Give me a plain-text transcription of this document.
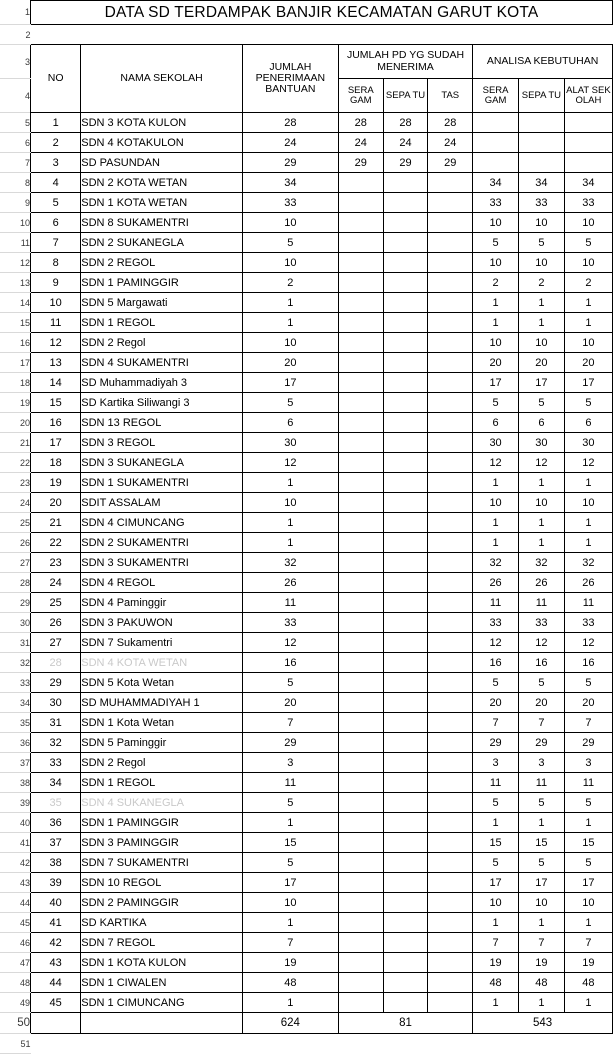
1	DATA SD TERDAMPAK BANJIR KECAMATAN GARUT KOTA								
2									
3	NO	NAMA SEKOLAH	JUMLAH PENERIMAAN BANTUAN	JUMLAH PD YG SUDAH MENERIMA			ANALISA KEBUTUHAN		
4				SERA GAM	SEPA TU	TAS	SERA GAM	SEPA TU	ALAT SEK OLAH
5	1	SDN 3 KOTA KULON	28	28	28	28			
6	2	SDN 4 KOTAKULON	24	24	24	24			
7	3	SD PASUNDAN	29	29	29	29			
8	4	SDN 2 KOTA WETAN	34				34	34	34
9	5	SDN 1 KOTA WETAN	33				33	33	33
10	6	SDN 8 SUKAMENTRI	10				10	10	10
11	7	SDN 2 SUKANEGLA	5				5	5	5
12	8	SDN 2 REGOL	10				10	10	10
13	9	SDN 1 PAMINGGIR	2				2	2	2
14	10	SDN 5 Margawati	1				1	1	1
15	11	SDN 1 REGOL	1				1	1	1
16	12	SDN 2 Regol	10				10	10	10
17	13	SDN 4 SUKAMENTRI	20				20	20	20
18	14	SD Muhammadiyah 3	17				17	17	17
19	15	SD Kartika Siliwangi 3	5				5	5	5
20	16	SDN 13 REGOL	6				6	6	6
21	17	SDN 3 REGOL	30				30	30	30
22	18	SDN 3 SUKANEGLA	12				12	12	12
23	19	SDN 1 SUKAMENTRI	1				1	1	1
24	20	SDIT ASSALAM	10				10	10	10
25	21	SDN 4 CIMUNCANG	1				1	1	1
26	22	SDN 2 SUKAMENTRI	1				1	1	1
27	23	SDN 3 SUKAMENTRI	32				32	32	32
28	24	SDN 4 REGOL	26				26	26	26
29	25	SDN 4 Paminggir	11				11	11	11
30	26	SDN 3 PAKUWON	33				33	33	33
31	27	SDN 7 Sukamentri	12				12	12	12
32	28	SDN 4 KOTA WETAN	16				16	16	16
33	29	SDN 5 Kota Wetan	5				5	5	5
34	30	SD MUHAMMADIYAH 1	20				20	20	20
35	31	SDN 1 Kota Wetan	7				7	7	7
36	32	SDN 5 Paminggir	29				29	29	29
37	33	SDN 2 Regol	3				3	3	3
38	34	SDN 1 REGOL	11				11	11	11
39	35	SDN 4 SUKANEGLA	5				5	5	5
40	36	SDN 1 PAMINGGIR	1				1	1	1
41	37	SDN 3 PAMINGGIR	15				15	15	15
42	38	SDN 7 SUKAMENTRI	5				5	5	5
43	39	SDN 10 REGOL	17				17	17	17
44	40	SDN 2 PAMINGGIR	10				10	10	10
45	41	SD KARTIKA	1				1	1	1
46	42	SDN 7 REGOL	7				7	7	7
47	43	SDN 1 KOTA KULON	19				19	19	19
48	44	SDN 1 CIWALEN	48				48	48	48
49	45	SDN 1 CIMUNCANG	1				1	1	1
50			624	81			543		
51									
